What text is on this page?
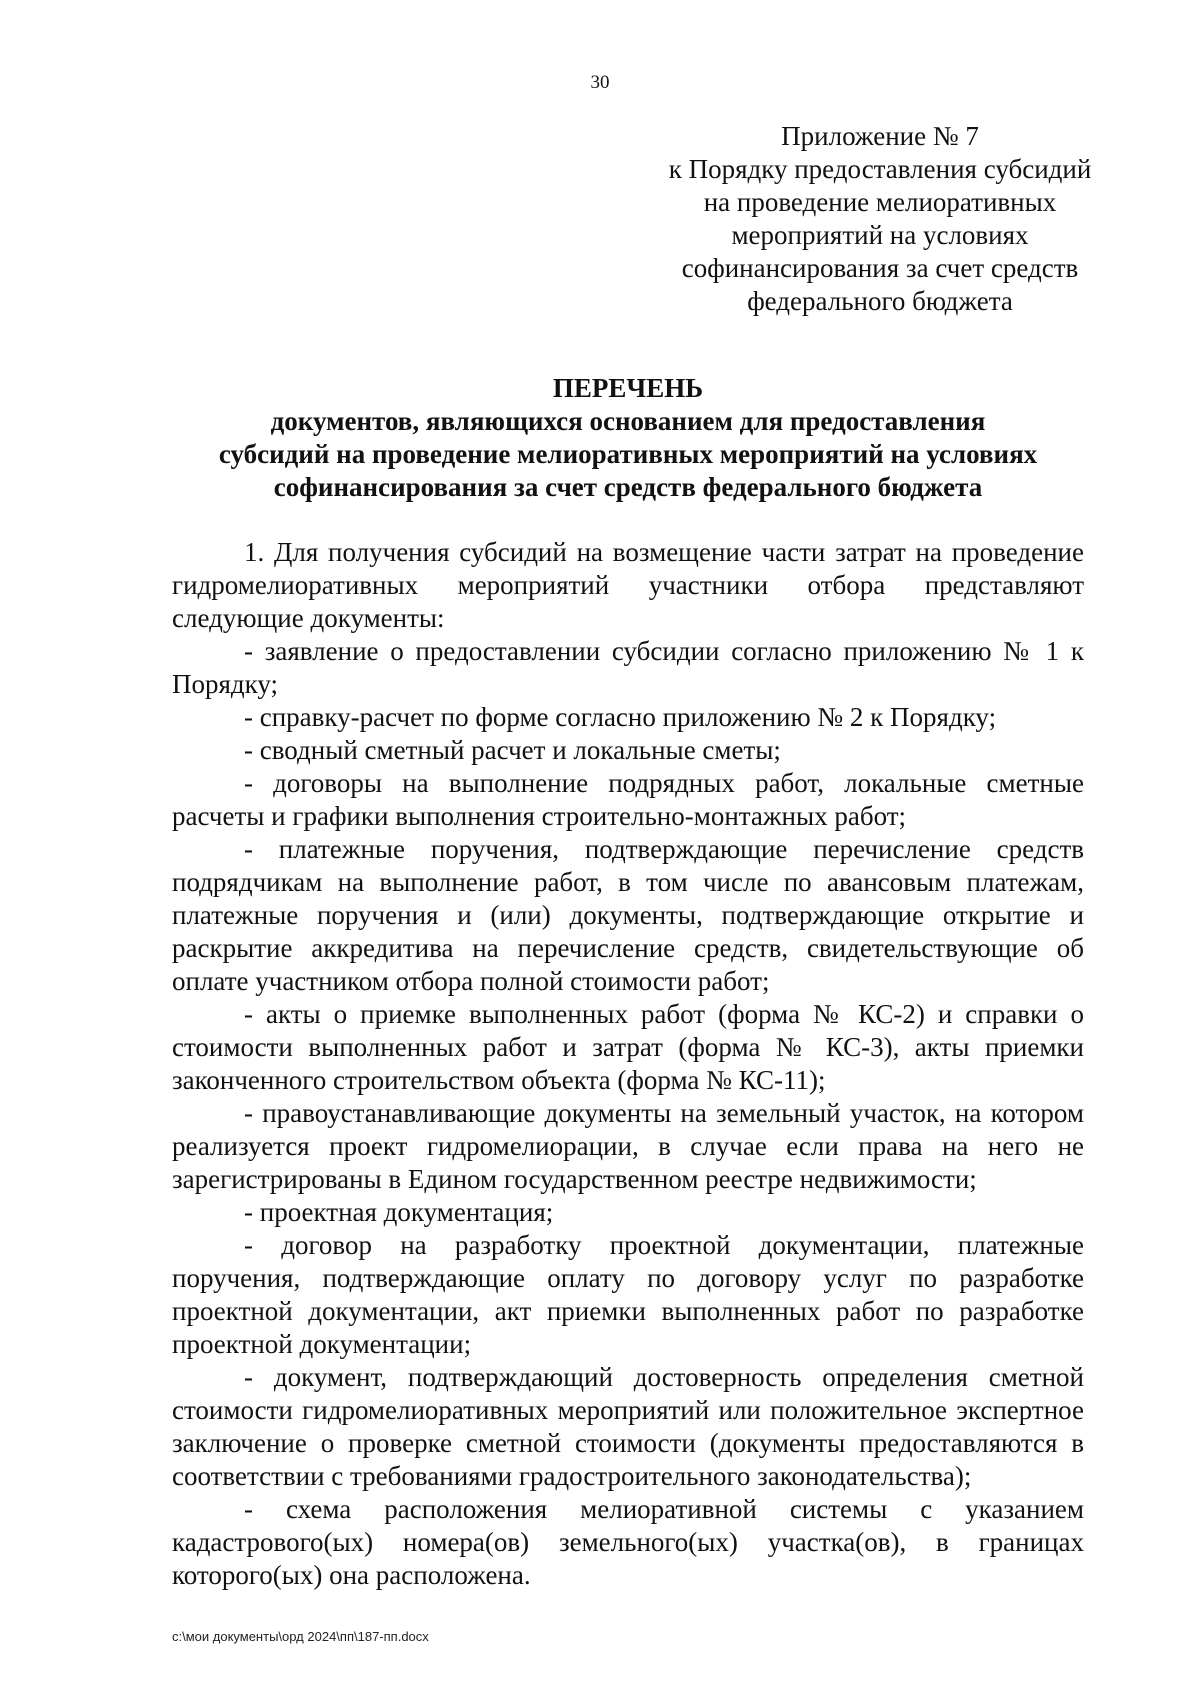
30
Приложение № 7
к Порядку предоставления субсидий
на проведение мелиоративных
мероприятий на условиях
софинансирования за счет средств
федерального бюджета
ПЕРЕЧЕНЬ
документов, являющихся основанием для предоставления
субсидий на проведение мелиоративных мероприятий на условиях
софинансирования за счет средств федерального бюджета

1. Для получения субсидий на возмещение части затрат на проведение гидромелиоративных мероприятий участники отбора представляют следующие документы:

- заявление о предоставлении субсидии согласно приложению № 1 к Порядку;

- справку-расчет по форме согласно приложению № 2 к Порядку;

- сводный сметный расчет и локальные сметы;

- договоры на выполнение подрядных работ, локальные сметные расчеты и графики выполнения строительно-монтажных работ;

- платежные поручения, подтверждающие перечисление средств подрядчикам на выполнение работ, в том числе по авансовым платежам, платежные поручения и (или) документы, подтверждающие открытие и раскрытие аккредитива на перечисление средств, свидетельствующие об оплате участником отбора полной стоимости работ;

- акты о приемке выполненных работ (форма № КС-2) и справки о стоимости выполненных работ и затрат (форма № КС-3), акты приемки законченного строительством объекта (форма № КС-11);

- правоустанавливающие документы на земельный участок, на котором реализуется проект гидромелиорации, в случае если права на него не зарегистрированы в Едином государственном реестре недвижимости;

- проектная документация;

- договор на разработку проектной документации, платежные поручения, подтверждающие оплату по договору услуг по разработке проектной документации, акт приемки выполненных работ по разработке проектной документации;

- документ, подтверждающий достоверность определения сметной стоимости гидромелиоративных мероприятий или положительное экспертное заключение о проверке сметной стоимости (документы предоставляются в соответствии с требованиями градостроительного законодательства);

- схема расположения мелиоративной системы с указанием кадастрового(ых) номера(ов) земельного(ых) участка(ов), в границах которого(ых) она расположена.

c:\мои документы\орд 2024\пп\187-пп.docx
